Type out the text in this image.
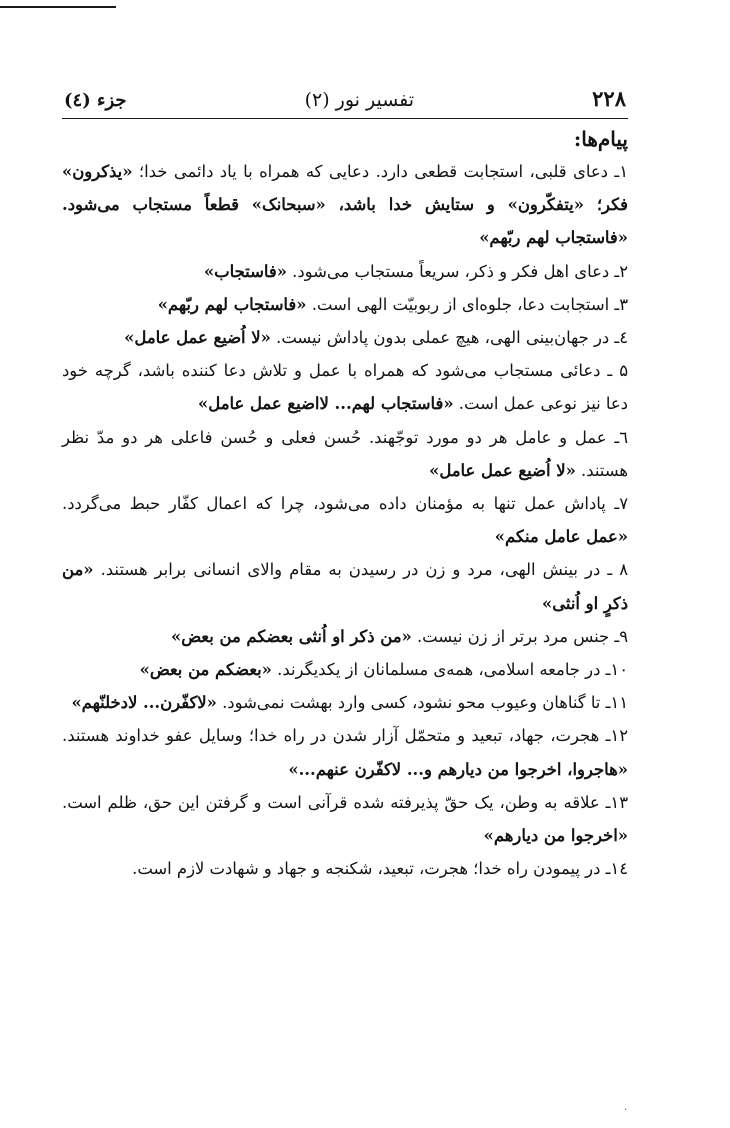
۲۲۸
تفسیر نور (۲)
جزء (٤)
پیام‌ها:
۱ـ دعای قلبی، استجابت قطعی دارد. دعایی که همراه با یاد دائمی خدا؛ «یذکرون» فکر؛ «یتفکّرون» و ستایش خدا باشد، «سبحانک» قطعاً مستجاب می‌شود. «فاستجاب لهم ربّهم»
۲ـ دعای اهل فکر و ذکر، سریعاً مستجاب می‌شود. «فاستجاب»
۳ـ استجابت دعا، جلوه‌ای از ربوبیّت الهی است. «فاستجاب لهم ربّهم»
٤ـ در جهان‌بینی الهی، هیچ عملی بدون پاداش نیست. «لا اُضیع عمل عامل»
۵ ـ دعائی مستجاب می‌شود که همراه با عمل و تلاش دعا کننده باشد، گرچه خود دعا نیز نوعی عمل است. «فاستجاب لهم... لااضیع عمل عامل»
٦ـ عمل و عامل هر دو مورد توجّهند. حُسن فعلی و حُسن فاعلی هر دو مدّ نظر هستند. «لا اُضیع عمل عامل»
۷ـ پاداش عمل تنها به مؤمنان داده می‌شود، چرا که اعمال کفّار حبط می‌گردد. «عمل عامل منکم»
۸ ـ در بینش الهی، مرد و زن در رسیدن به مقام والای انسانی برابر هستند. «من ذکرٍ او اُنثی»
۹ـ جنس مرد برتر از زن نیست. «من ذکر او اُنثی بعضکم من بعض»
۱۰ـ در جامعه اسلامی، همه‌ی مسلمانان از یکدیگرند. «بعضکم من بعض»
۱۱ـ تا گناهان وعیوب محو نشود، کسی وارد بهشت نمی‌شود. «لاکفّرن... لادخلنّهم»
۱۲ـ هجرت، جهاد، تبعید و متحمّل آزار شدن در راه خدا؛ وسایل عفو خداوند هستند. «هاجروا، اخرجوا من دیارهم و... لاکفّرن عنهم...»
۱۳ـ علاقه به وطن، یک حقّ پذیرفته شده قرآنی است و گرفتن این حق، ظلم است. «اخرجوا من دیارهم»
١٤ـ در پیمودن راه خدا؛ هجرت، تبعید، شکنجه و جهاد و شهادت لازم است.
.
